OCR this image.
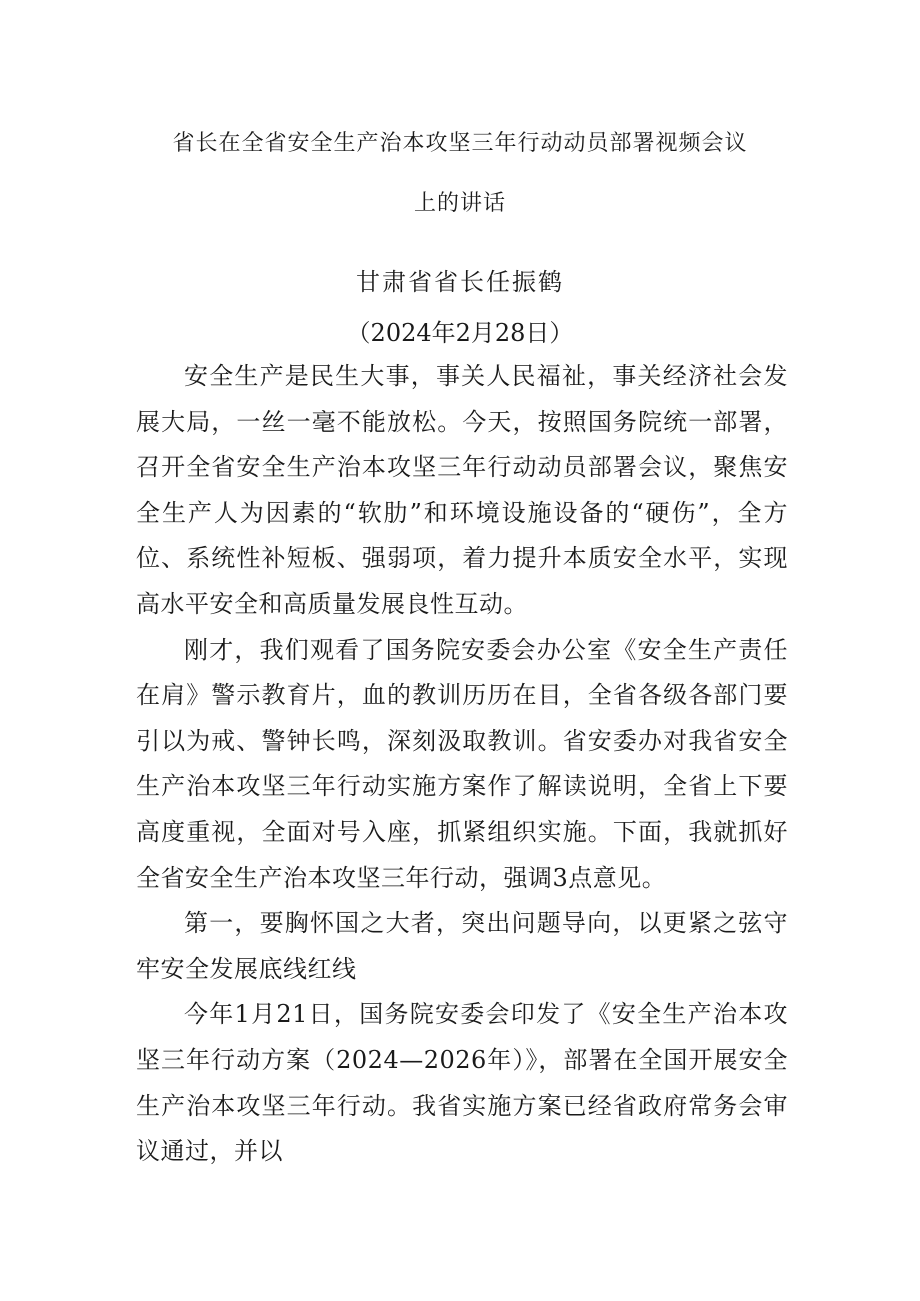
省长在全省安全生产治本攻坚三年行动动员部署视频会议
上的讲话
甘肃省省长任振鹤
（2024年2月28日）

安全生产是民生大事，事关人民福祉，事关经济社会发展大局，一丝一毫不能放松。今天，按照国务院统一部署，召开全省安全生产治本攻坚三年行动动员部署会议，聚焦安全生产人为因素的“软肋”和环境设施设备的“硬伤”，全方位、系统性补短板、强弱项，着力提升本质安全水平，实现高水平安全和高质量发展良性互动。

刚才，我们观看了国务院安委会办公室《安全生产责任在肩》警示教育片，血的教训历历在目，全省各级各部门要引以为戒、警钟长鸣，深刻汲取教训。省安委办对我省安全生产治本攻坚三年行动实施方案作了解读说明，全省上下要高度重视，全面对号入座，抓紧组织实施。下面，我就抓好全省安全生产治本攻坚三年行动，强调3点意见。

第一，要胸怀国之大者，突出问题导向，以更紧之弦守牢安全发展底线红线

今年1月21日，国务院安委会印发了《安全生产治本攻坚三年行动方案（2024—2026年）》，部署在全国开展安全生产治本攻坚三年行动。我省实施方案已经省政府常务会审议通过，并以
